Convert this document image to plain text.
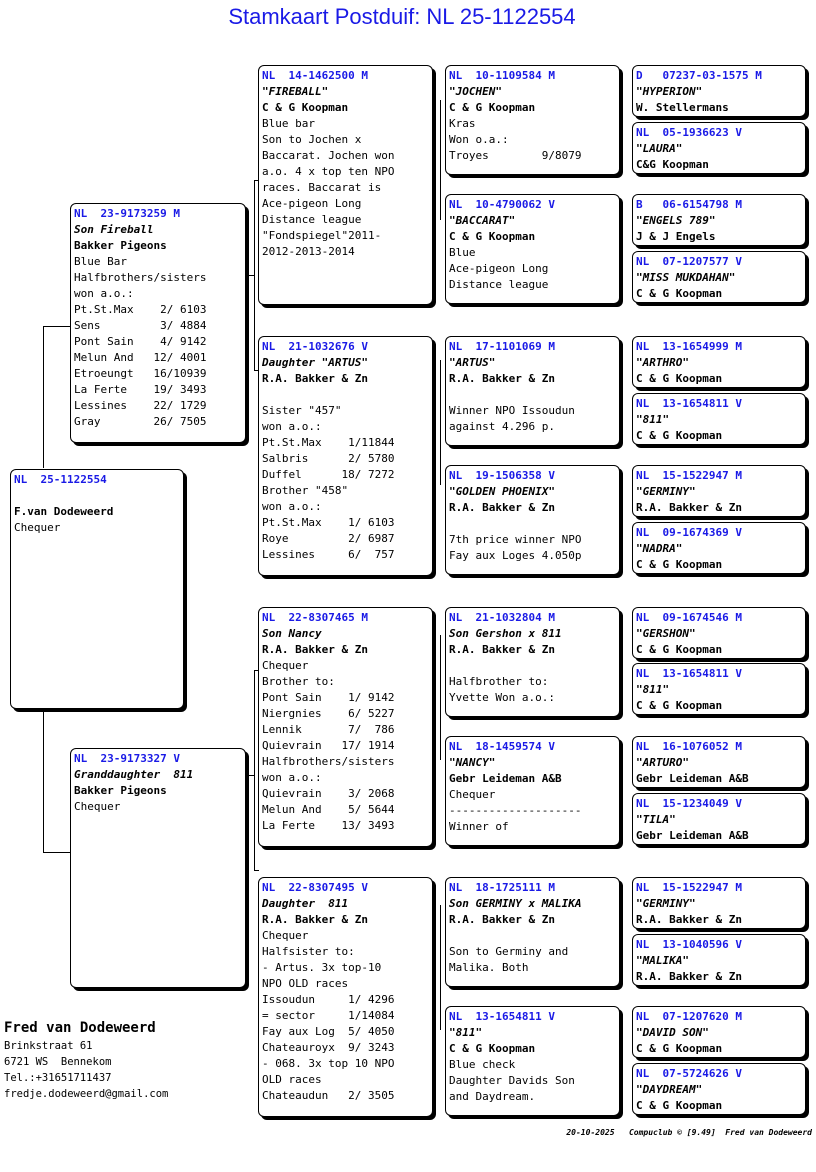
Stamkaart Postduif: NL 25-1122554
NL  25-1122554
F.van Dodeweerd
Chequer
NL  23-9173259 M
Son Fireball
Bakker Pigeons
Blue Bar
Halfbrothers/sisters
won a.o.:
Pt.St.Max    2/ 6103
Sens         3/ 4884
Pont Sain    4/ 9142
Melun And   12/ 4001
Etroeungt   16/10939
La Ferte    19/ 3493
Lessines    22/ 1729
Gray        26/ 7505
NL  23-9173327 V
Granddaughter  811
Bakker Pigeons
Chequer
NL  14-1462500 M
"FIREBALL"
C & G Koopman
Blue bar
Son to Jochen x
Baccarat. Jochen won
a.o. 4 x top ten NPO
races. Baccarat is
Ace-pigeon Long
Distance league
"Fondspiegel"2011-
2012-2013-2014
NL  21-1032676 V
Daughter "ARTUS"
R.A. Bakker & Zn
Sister "457"
won a.o.:
Pt.St.Max    1/11844
Salbris      2/ 5780
Duffel      18/ 7272
Brother "458"
won a.o.:
Pt.St.Max    1/ 6103
Roye         2/ 6987
Lessines     6/  757
NL  22-8307465 M
Son Nancy
R.A. Bakker & Zn
Chequer
Brother to:
Pont Sain    1/ 9142
Niergnies    6/ 5227
Lennik       7/  786
Quievrain   17/ 1914
Halfbrothers/sisters
won a.o.:
Quievrain    3/ 2068
Melun And    5/ 5644
La Ferte    13/ 3493
NL  22-8307495 V
Daughter  811
R.A. Bakker & Zn
Chequer
Halfsister to:
- Artus. 3x top-10
NPO OLD races
Issoudun     1/ 4296
= sector     1/14084
Fay aux Log  5/ 4050
Chateauroyx  9/ 3243
- 068. 3x top 10 NPO
OLD races
Chateaudun   2/ 3505
NL  10-1109584 M
"JOCHEN"
C & G Koopman
Kras
Won o.a.:
Troyes        9/8079
NL  10-4790062 V
"BACCARAT"
C & G Koopman
Blue
Ace-pigeon Long
Distance league
NL  17-1101069 M
"ARTUS"
R.A. Bakker & Zn
Winner NPO Issoudun
against 4.296 p.
NL  19-1506358 V
"GOLDEN PHOENIX"
R.A. Bakker & Zn
7th price winner NPO
Fay aux Loges 4.050p
NL  21-1032804 M
Son Gershon x 811
R.A. Bakker & Zn
Halfbrother to:
Yvette Won a.o.:
NL  18-1459574 V
"NANCY"
Gebr Leideman A&B
Chequer
--------------------
Winner of
NL  18-1725111 M
Son GERMINY x MALIKA
R.A. Bakker & Zn
Son to Germiny and
Malika. Both
NL  13-1654811 V
"811"
C & G Koopman
Blue check
Daughter Davids Son
and Daydream.
D   07237-03-1575 M
"HYPERION"
W. Stellermans
NL  05-1936623 V
"LAURA"
C&G Koopman
B   06-6154798 M
"ENGELS 789"
J & J Engels
NL  07-1207577 V
"MISS MUKDAHAN"
C & G Koopman
NL  13-1654999 M
"ARTHRO"
C & G Koopman
NL  13-1654811 V
"811"
C & G Koopman
NL  15-1522947 M
"GERMINY"
R.A. Bakker & Zn
NL  09-1674369 V
"NADRA"
C & G Koopman
NL  09-1674546 M
"GERSHON"
C & G Koopman
NL  13-1654811 V
"811"
C & G Koopman
NL  16-1076052 M
"ARTURO"
Gebr Leideman A&B
NL  15-1234049 V
"TILA"
Gebr Leideman A&B
NL  15-1522947 M
"GERMINY"
R.A. Bakker & Zn
NL  13-1040596 V
"MALIKA"
R.A. Bakker & Zn
NL  07-1207620 M
"DAVID SON"
C & G Koopman
NL  07-5724626 V
"DAYDREAM"
C & G Koopman
Fred van Dodeweerd
Brinkstraat 61
6721 WS  Bennekom
Tel.:+31651711437
fredje.dodeweerd@gmail.com
20-10-2025   Compuclub © [9.49]  Fred van Dodeweerd
